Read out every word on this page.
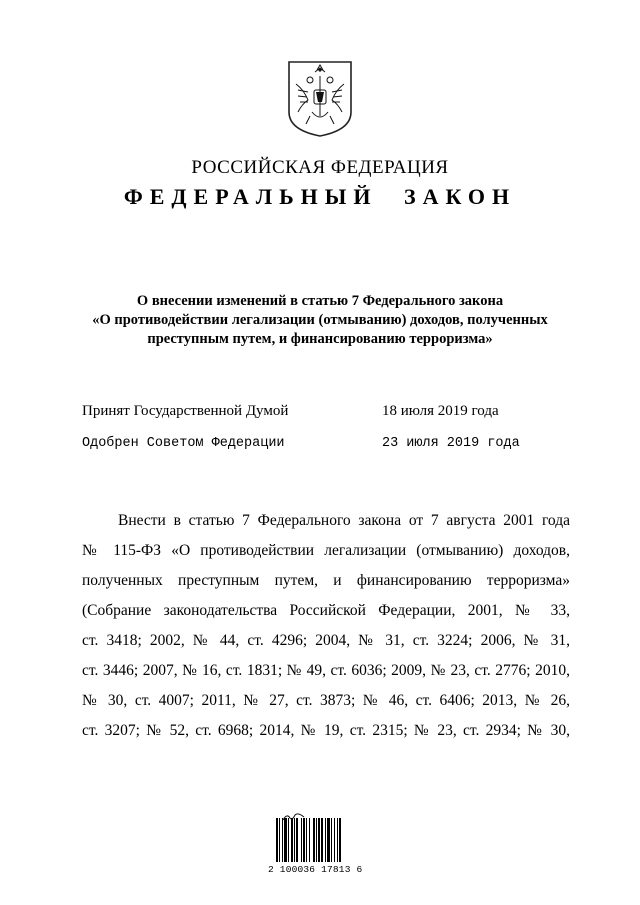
РОССИЙСКАЯ ФЕДЕРАЦИЯ
ФЕДЕРАЛЬНЫЙ ЗАКОН
О внесении изменений в статью 7 Федерального закона
«О противодействии легализации (отмыванию) доходов, полученных
преступным путем, и финансированию терроризма»
Принят Государственной Думой	18 июля 2019 года
Одобрен Советом Федерации	23 июля 2019 года
Внести в статью 7 Федерального закона от 7 августа 2001 года
№ 115-ФЗ «О противодействии легализации (отмыванию) доходов,
полученных преступным путем, и финансированию терроризма»
(Собрание законодательства Российской Федерации, 2001, № 33,
ст. 3418; 2002, № 44, ст. 4296; 2004, № 31, ст. 3224; 2006, № 31,
ст. 3446; 2007, № 16, ст. 1831; № 49, ст. 6036; 2009, № 23, ст. 2776; 2010,
№ 30, ст. 4007; 2011, № 27, ст. 3873; № 46, ст. 6406; 2013, № 26,
ст. 3207; № 52, ст. 6968; 2014, № 19, ст. 2315; № 23, ст. 2934; № 30,
2 100036 17813 6
